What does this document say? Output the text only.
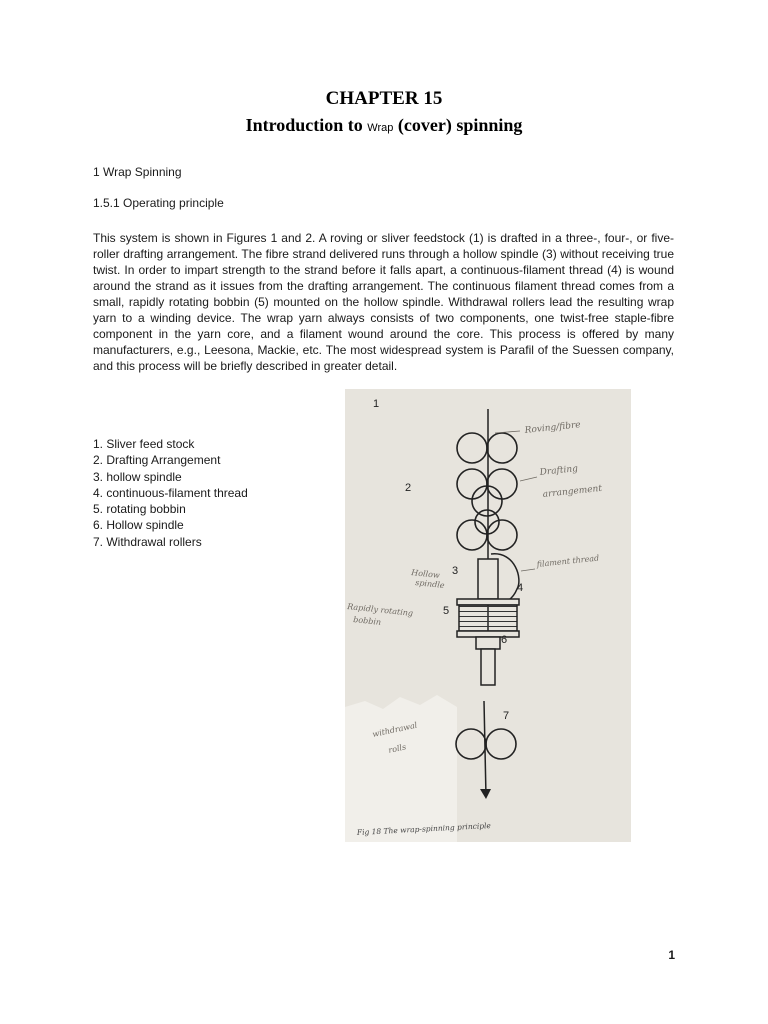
CHAPTER 15
Introduction to Wrap (cover) spinning
1 Wrap Spinning
1.5.1 Operating principle

This system is shown in Figures 1 and 2. A roving or sliver feedstock (1) is drafted in a three-, four-, or five-roller drafting arrangement. The fibre strand delivered runs through a hollow spindle (3) without receiving true twist. In order to impart strength to the strand before it falls apart, a continuous-filament thread (4) is wound around the strand as it issues from the drafting arrangement. The continuous filament thread comes from a small, rapidly rotating bobbin (5) mounted on the hollow spindle. Withdrawal rollers lead the resulting wrap yarn to a winding device. The wrap yarn always consists of two components, one twist-free staple-fibre component in the yarn core, and a filament wound around the core. This process is offered by many manufacturers, e.g., Leesona, Mackie, etc. The most widespread system is Parafil of the Suessen company, and this process will be briefly described in greater detail.

1. Sliver feed stock
2. Drafting Arrangement
3. hollow spindle
4. continuous-filament thread
5. rotating bobbin
6. Hollow spindle
7. Withdrawal rollers
1
2
3
4
5
6
7
Roving/fibre
Drafting
arrangement
filament thread
Hollow
spindle
Rapidly rotating
bobbin
withdrawal
rolls
Fig 18 The wrap-spinning principle
1
